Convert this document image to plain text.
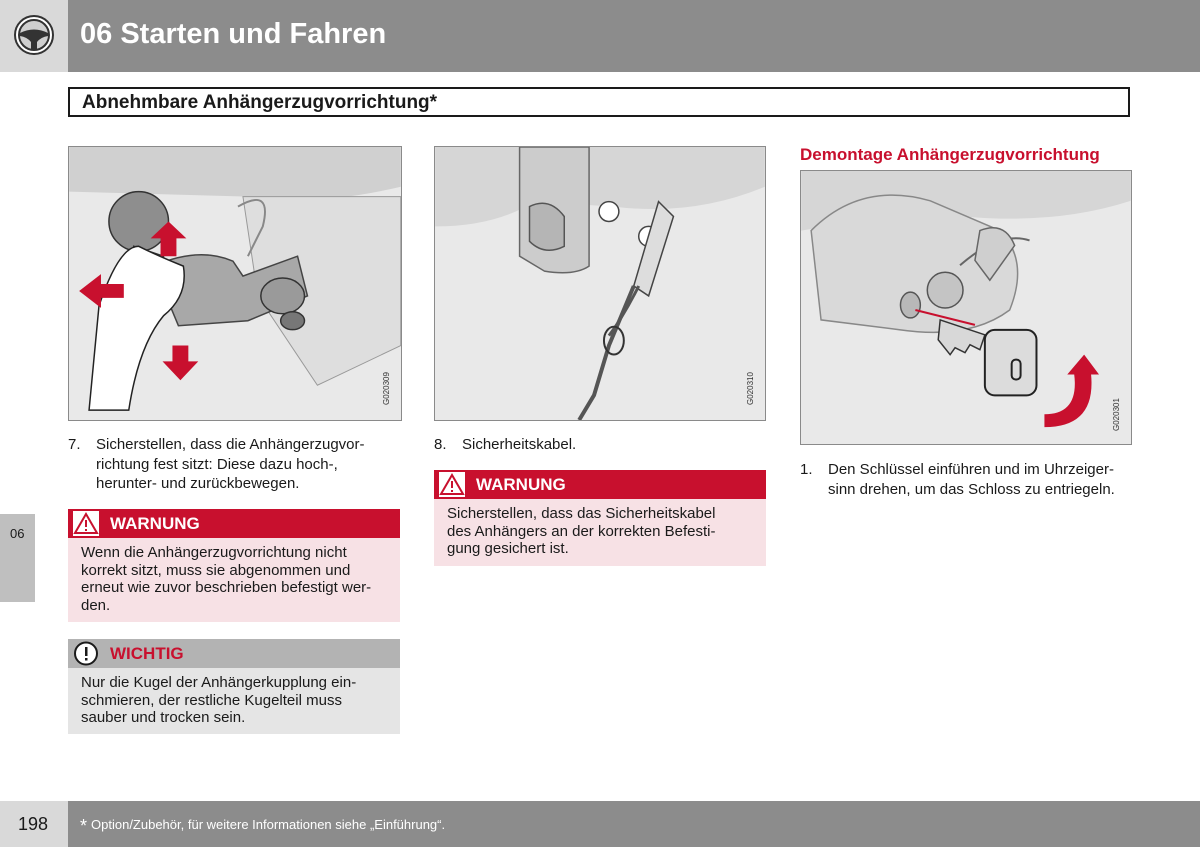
06 Starten und Fahren
Abnehmbare Anhängerzugvorrichtung*
G020309
7. Sicherstellen, dass die Anhängerzugvor-
richtung fest sitzt: Diese dazu hoch-,
herunter- und zurückbewegen.
WARNUNG
Wenn die Anhängerzugvorrichtung nicht
korrekt sitzt, muss sie abgenommen und
erneut wie zuvor beschrieben befestigt wer-
den.
WICHTIG
Nur die Kugel der Anhängerkupplung ein-
schmieren, der restliche Kugelteil muss
sauber und trocken sein.
G020310
8. Sicherheitskabel.
WARNUNG
Sicherstellen, dass das Sicherheitskabel
des Anhängers an der korrekten Befesti-
gung gesichert ist.
Demontage Anhängerzugvorrichtung
G020301
1. Den Schlüssel einführen und im Uhrzeiger-
sinn drehen, um das Schloss zu entriegeln.
06
198 * Option/Zubehör, für weitere Informationen siehe „Einführung“.
